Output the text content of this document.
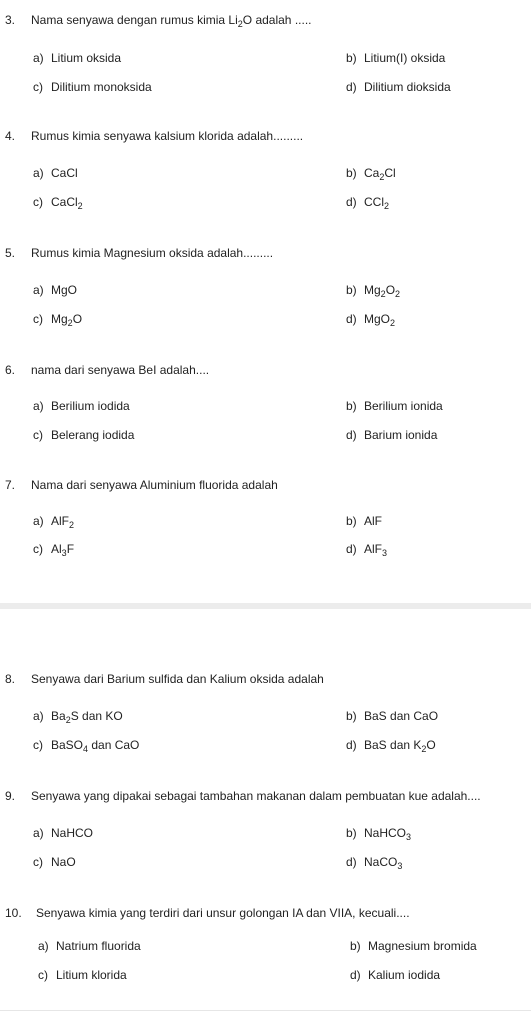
3. Nama senyawa dengan rumus kimia $Li_2O$ adalah .....
a) Litium oksida	b) Litium(I) oksida
c) Dilitium monoksida	d) Dilitium dioksida
4. Rumus kimia senyawa kalsium klorida adalah.........
a) CaCl	b) $Ca_2Cl$
c) CaCl$_2$	d) CCl$_2$
5. Rumus kimia Magnesium oksida adalah.........
a) MgO	b) $Mg_2O_2$
c) $Mg_2O$	d) MgO$_2$
6. nama dari senyawa BeI adalah....
a) Berilium iodida	b) Berilium ionida
c) Belerang iodida	d) Barium ionida
7. Nama dari senyawa Aluminium fluorida adalah
a) AlF$_2$	b) AlF
c) $Al_3F$	d) AlF$_3$
8. Senyawa dari Barium sulfida dan Kalium oksida adalah
a) $Ba_2S$ dan KO	b) BaS dan CaO
c) BaSO$_4$ dan CaO	d) BaS dan $K_2O$
9. Senyawa yang dipakai sebagai tambahan makanan dalam pembuatan kue adalah....
a) NaHCO	b) NaHCO$_3$
c) NaO	d) NaCO$_3$
10. Senyawa kimia yang terdiri dari unsur golongan IA dan VIIA, kecuali....
a) Natrium fluorida	b) Magnesium bromida
c) Litium klorida	d) Kalium iodida
